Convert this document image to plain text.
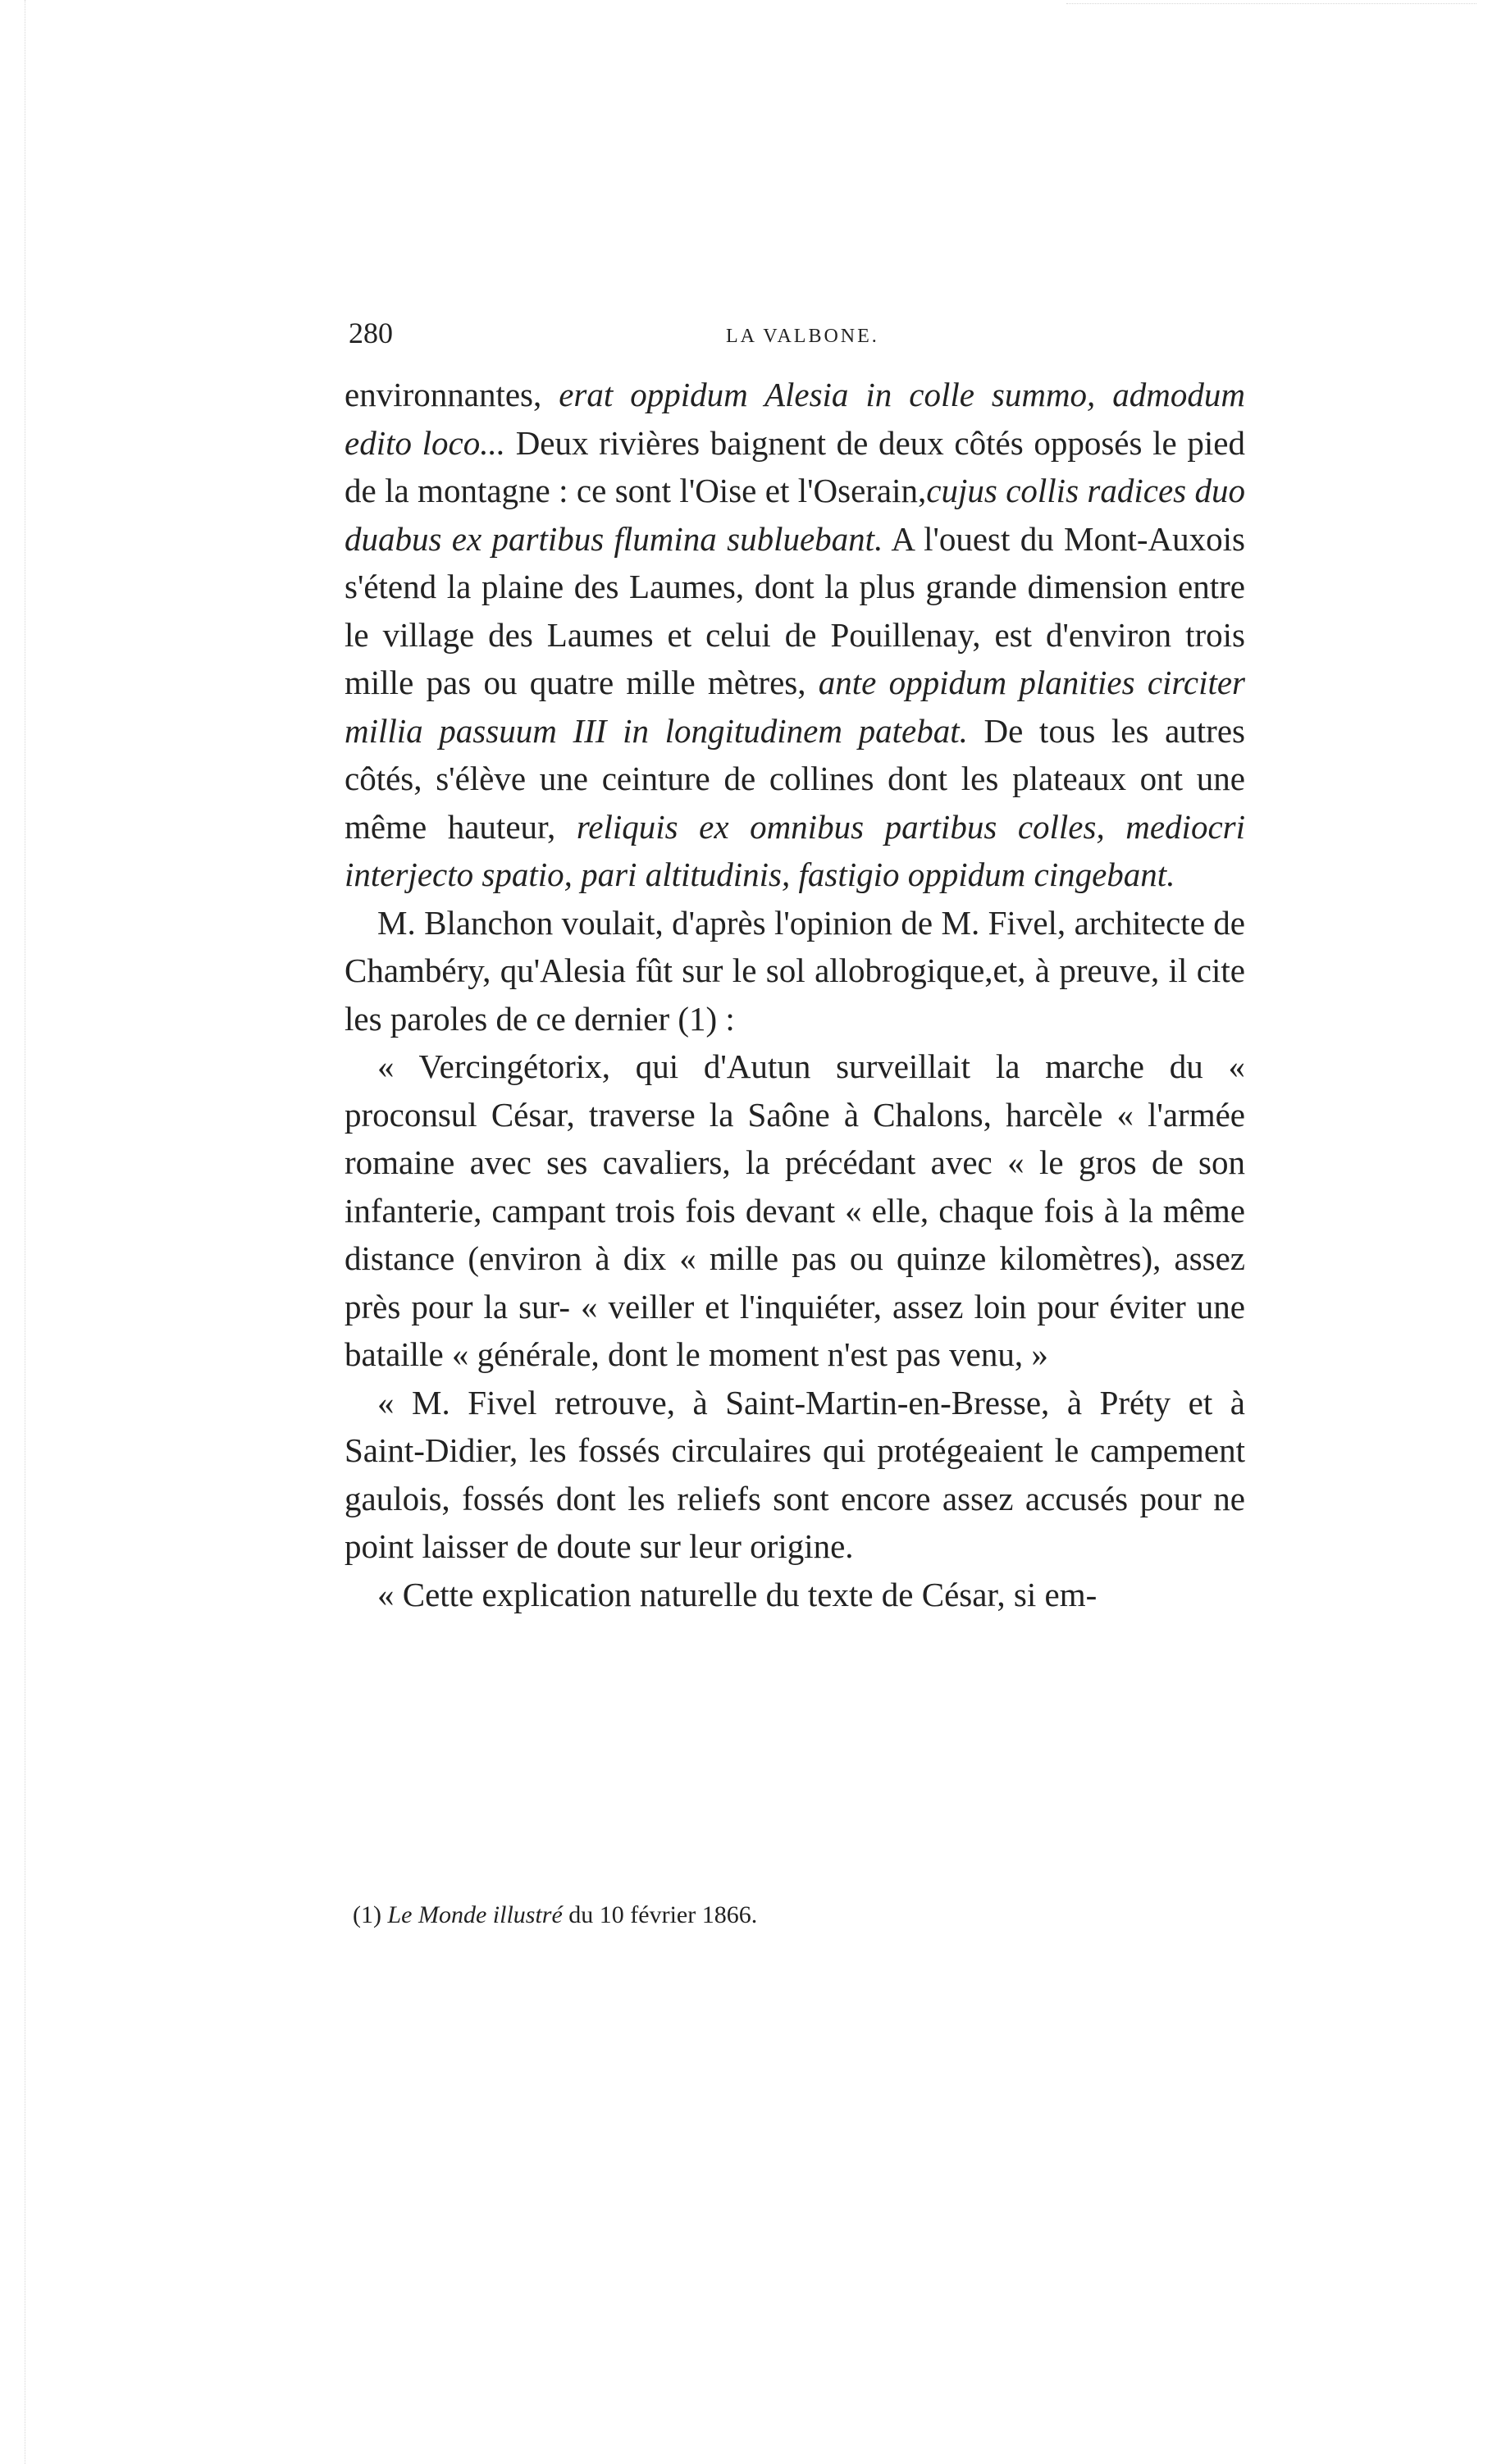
280	LA VALBONE.

environnantes, erat oppidum Alesia in colle summo, admodum edito loco... Deux rivières baignent de deux côtés opposés le pied de la montagne : ce sont l'Oise et l'Oserain,cujus collis radices duo duabus ex partibus flumina subluebant. A l'ouest du Mont-Auxois s'étend la plaine des Laumes, dont la plus grande dimension entre le village des Laumes et celui de Pouillenay, est d'environ trois mille pas ou quatre mille mètres, ante oppidum planities circiter millia passuum III in longitudinem patebat. De tous les autres côtés, s'élève une ceinture de collines dont les plateaux ont une même hauteur, reliquis ex omnibus partibus colles, mediocri interjecto spatio, pari altitudinis, fastigio oppidum cingebant.

M. Blanchon voulait, d'après l'opinion de M. Fivel, architecte de Chambéry, qu'Alesia fût sur le sol allobrogique,et, à preuve, il cite les paroles de ce dernier (1) :

« Vercingétorix, qui d'Autun surveillait la marche du « proconsul César, traverse la Saône à Chalons, harcèle « l'armée romaine avec ses cavaliers, la précédant avec « le gros de son infanterie, campant trois fois devant « elle, chaque fois à la même distance (environ à dix « mille pas ou quinze kilomètres), assez près pour la sur- « veiller et l'inquiéter, assez loin pour éviter une bataille « générale, dont le moment n'est pas venu, »

« M. Fivel retrouve, à Saint-Martin-en-Bresse, à Préty et à Saint-Didier, les fossés circulaires qui protégeaient le campement gaulois, fossés dont les reliefs sont encore assez accusés pour ne point laisser de doute sur leur origine.

« Cette explication naturelle du texte de César, si em-

(1) Le Monde illustré du 10 février 1866.
